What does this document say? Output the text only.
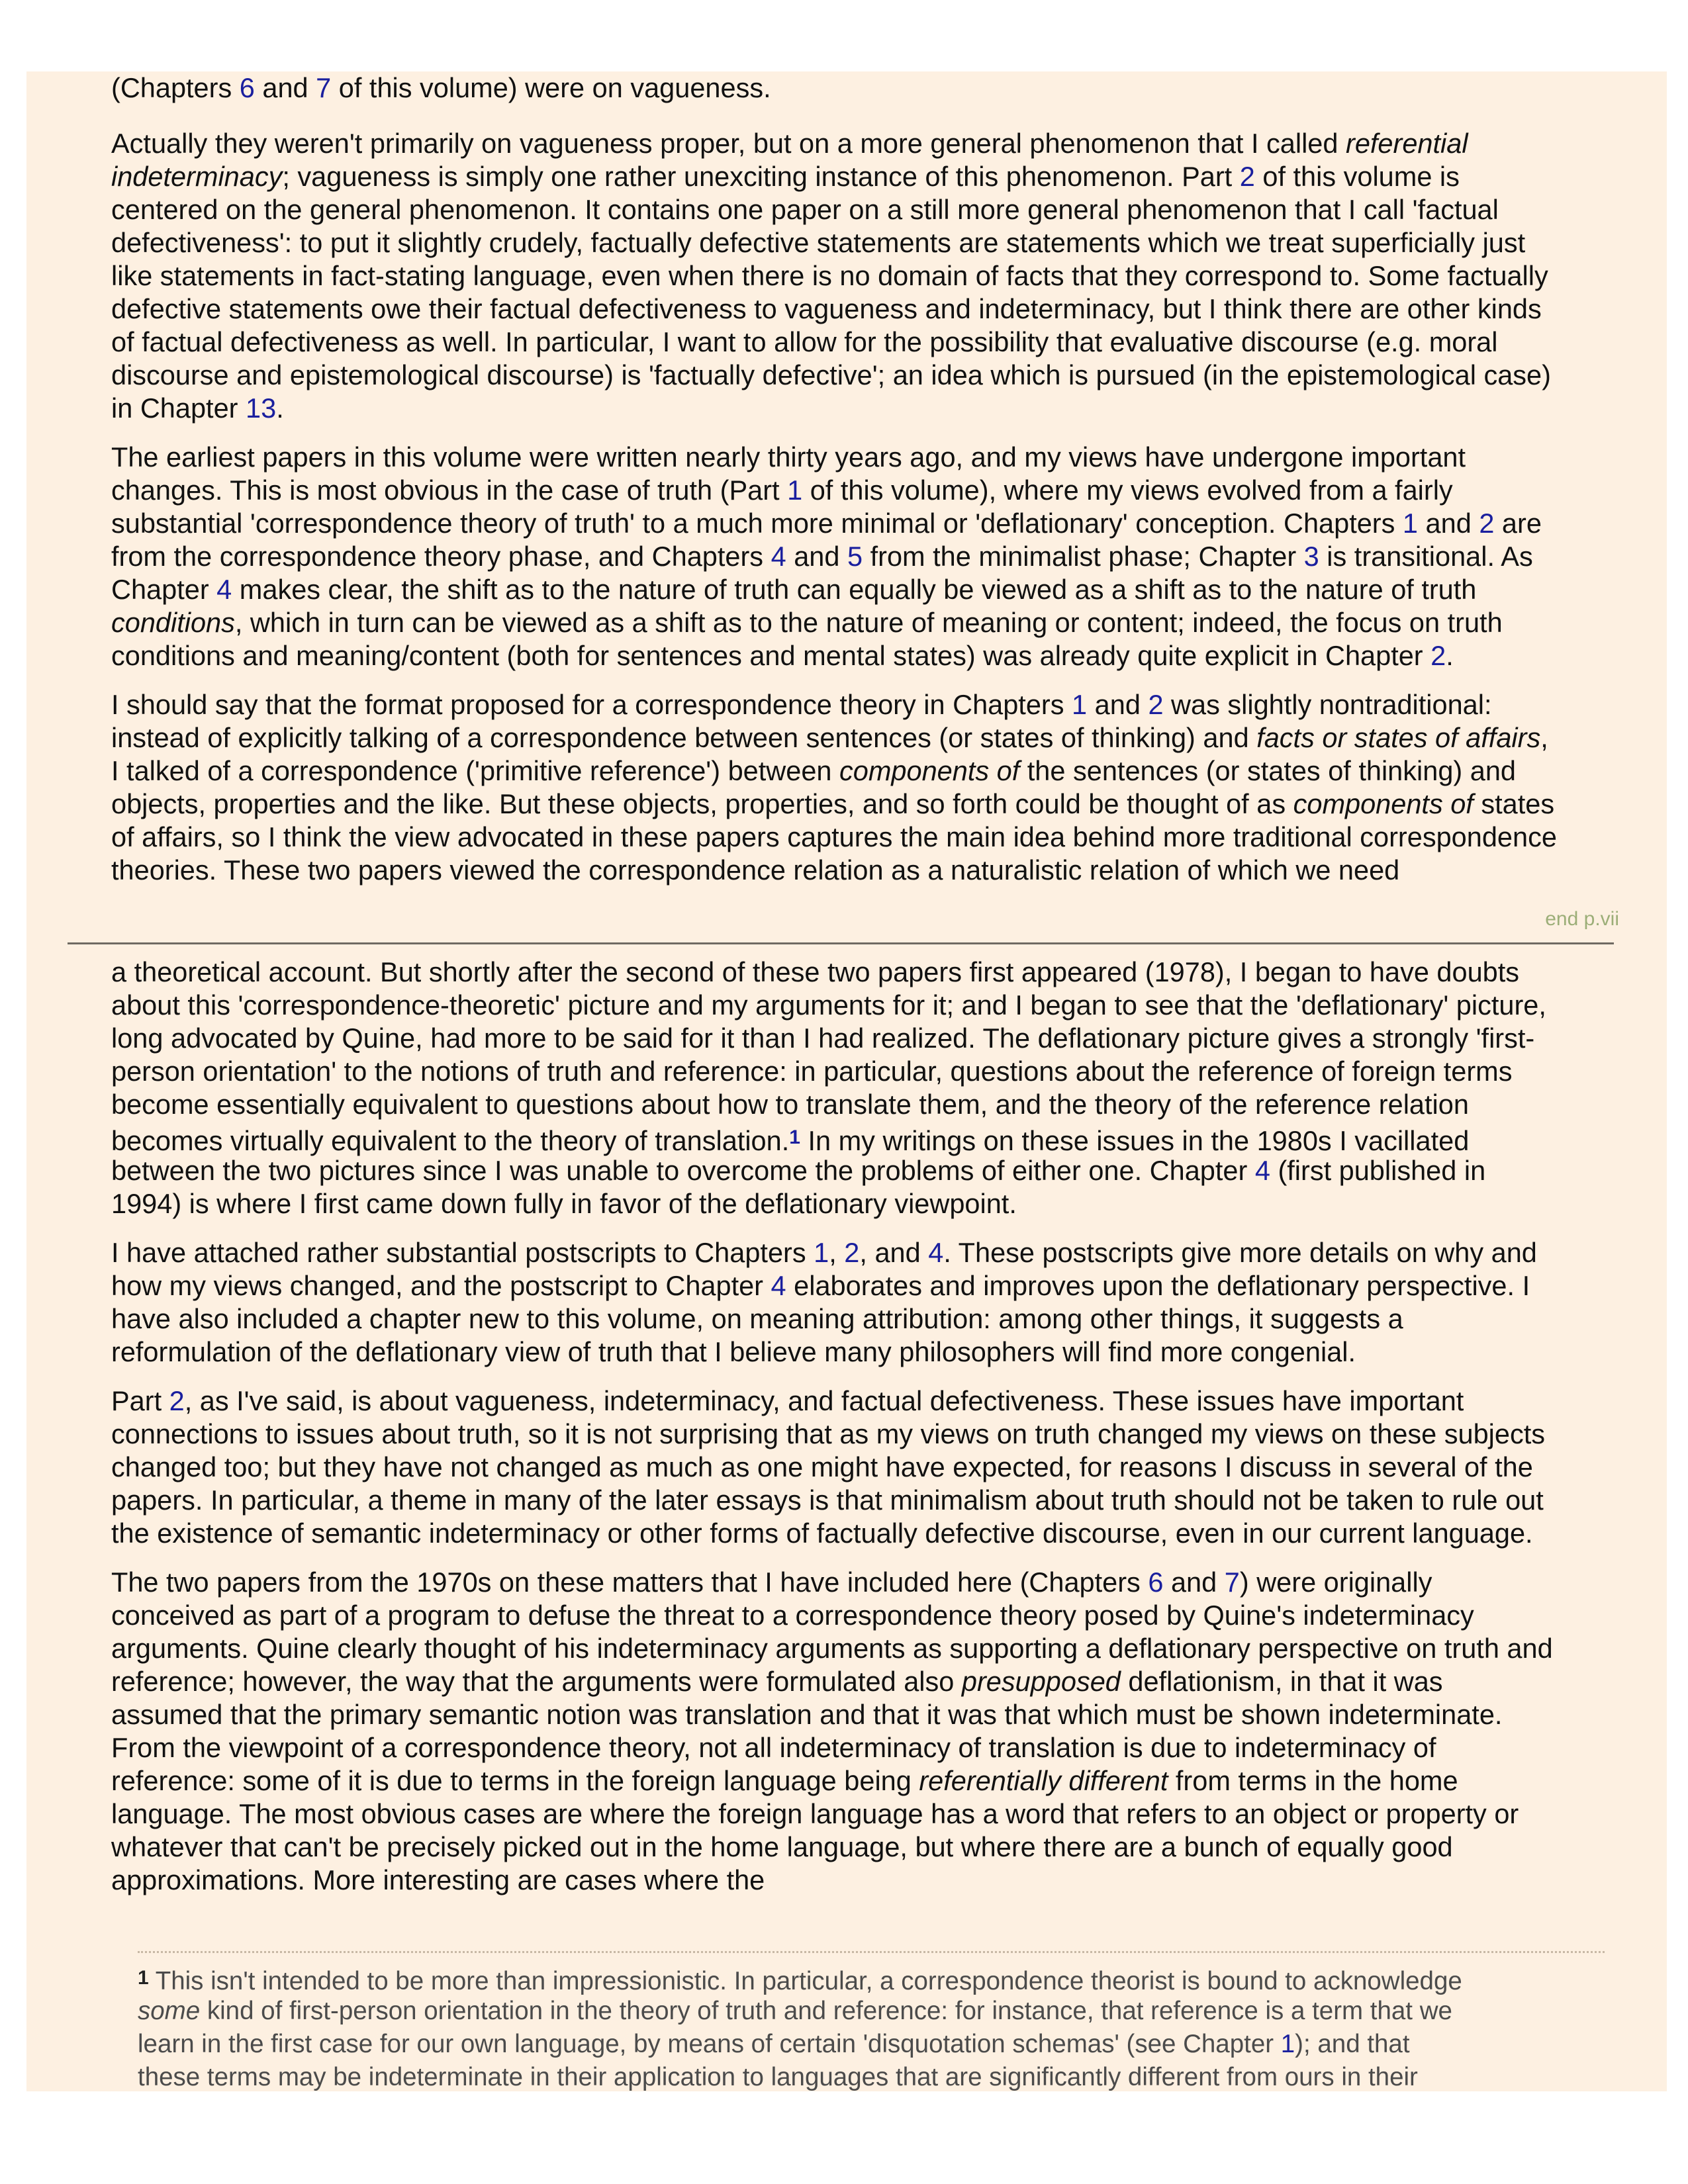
(Chapters 6 and 7 of this volume) were on vagueness.
Actually they weren't primarily on vagueness proper, but on a more general phenomenon that I called referential
indeterminacy; vagueness is simply one rather unexciting instance of this phenomenon. Part 2 of this volume is
centered on the general phenomenon. It contains one paper on a still more general phenomenon that I call 'factual
defectiveness': to put it slightly crudely, factually defective statements are statements which we treat superficially just
like statements in fact-stating language, even when there is no domain of facts that they correspond to. Some factually
defective statements owe their factual defectiveness to vagueness and indeterminacy, but I think there are other kinds
of factual defectiveness as well. In particular, I want to allow for the possibility that evaluative discourse (e.g. moral
discourse and epistemological discourse) is 'factually defective'; an idea which is pursued (in the epistemological case)
in Chapter 13.
The earliest papers in this volume were written nearly thirty years ago, and my views have undergone important
changes. This is most obvious in the case of truth (Part 1 of this volume), where my views evolved from a fairly
substantial 'correspondence theory of truth' to a much more minimal or 'deflationary' conception. Chapters 1 and 2 are
from the correspondence theory phase, and Chapters 4 and 5 from the minimalist phase; Chapter 3 is transitional. As
Chapter 4 makes clear, the shift as to the nature of truth can equally be viewed as a shift as to the nature of truth
conditions, which in turn can be viewed as a shift as to the nature of meaning or content; indeed, the focus on truth
conditions and meaning/content (both for sentences and mental states) was already quite explicit in Chapter 2.
I should say that the format proposed for a correspondence theory in Chapters 1 and 2 was slightly nontraditional:
instead of explicitly talking of a correspondence between sentences (or states of thinking) and facts or states of affairs,
I talked of a correspondence ('primitive reference') between components of the sentences (or states of thinking) and
objects, properties and the like. But these objects, properties, and so forth could be thought of as components of states
of affairs, so I think the view advocated in these papers captures the main idea behind more traditional correspondence
theories. These two papers viewed the correspondence relation as a naturalistic relation of which we need
end p.vii
a theoretical account. But shortly after the second of these two papers first appeared (1978), I began to have doubts
about this 'correspondence-theoretic' picture and my arguments for it; and I began to see that the 'deflationary' picture,
long advocated by Quine, had more to be said for it than I had realized. The deflationary picture gives a strongly 'first-
person orientation' to the notions of truth and reference: in particular, questions about the reference of foreign terms
become essentially equivalent to questions about how to translate them, and the theory of the reference relation
becomes virtually equivalent to the theory of translation.$^1$ In my writings on these issues in the 1980s I vacillated
between the two pictures since I was unable to overcome the problems of either one. Chapter 4 (first published in
1994) is where I first came down fully in favor of the deflationary viewpoint.
I have attached rather substantial postscripts to Chapters 1, 2, and 4. These postscripts give more details on why and
how my views changed, and the postscript to Chapter 4 elaborates and improves upon the deflationary perspective. I
have also included a chapter new to this volume, on meaning attribution: among other things, it suggests a
reformulation of the deflationary view of truth that I believe many philosophers will find more congenial.
Part 2, as I've said, is about vagueness, indeterminacy, and factual defectiveness. These issues have important
connections to issues about truth, so it is not surprising that as my views on truth changed my views on these subjects
changed too; but they have not changed as much as one might have expected, for reasons I discuss in several of the
papers. In particular, a theme in many of the later essays is that minimalism about truth should not be taken to rule out
the existence of semantic indeterminacy or other forms of factually defective discourse, even in our current language.
The two papers from the 1970s on these matters that I have included here (Chapters 6 and 7) were originally
conceived as part of a program to defuse the threat to a correspondence theory posed by Quine's indeterminacy
arguments. Quine clearly thought of his indeterminacy arguments as supporting a deflationary perspective on truth and
reference; however, the way that the arguments were formulated also presupposed deflationism, in that it was
assumed that the primary semantic notion was translation and that it was that which must be shown indeterminate.
From the viewpoint of a correspondence theory, not all indeterminacy of translation is due to indeterminacy of
reference: some of it is due to terms in the foreign language being referentially different from terms in the home
language. The most obvious cases are where the foreign language has a word that refers to an object or property or
whatever that can't be precisely picked out in the home language, but where there are a bunch of equally good
approximations. More interesting are cases where the
$^1$ This isn't intended to be more than impressionistic. In particular, a correspondence theorist is bound to acknowledge
some kind of first-person orientation in the theory of truth and reference: for instance, that reference is a term that we
learn in the first case for our own language, by means of certain 'disquotation schemas' (see Chapter 1); and that
these terms may be indeterminate in their application to languages that are significantly different from ours in their
